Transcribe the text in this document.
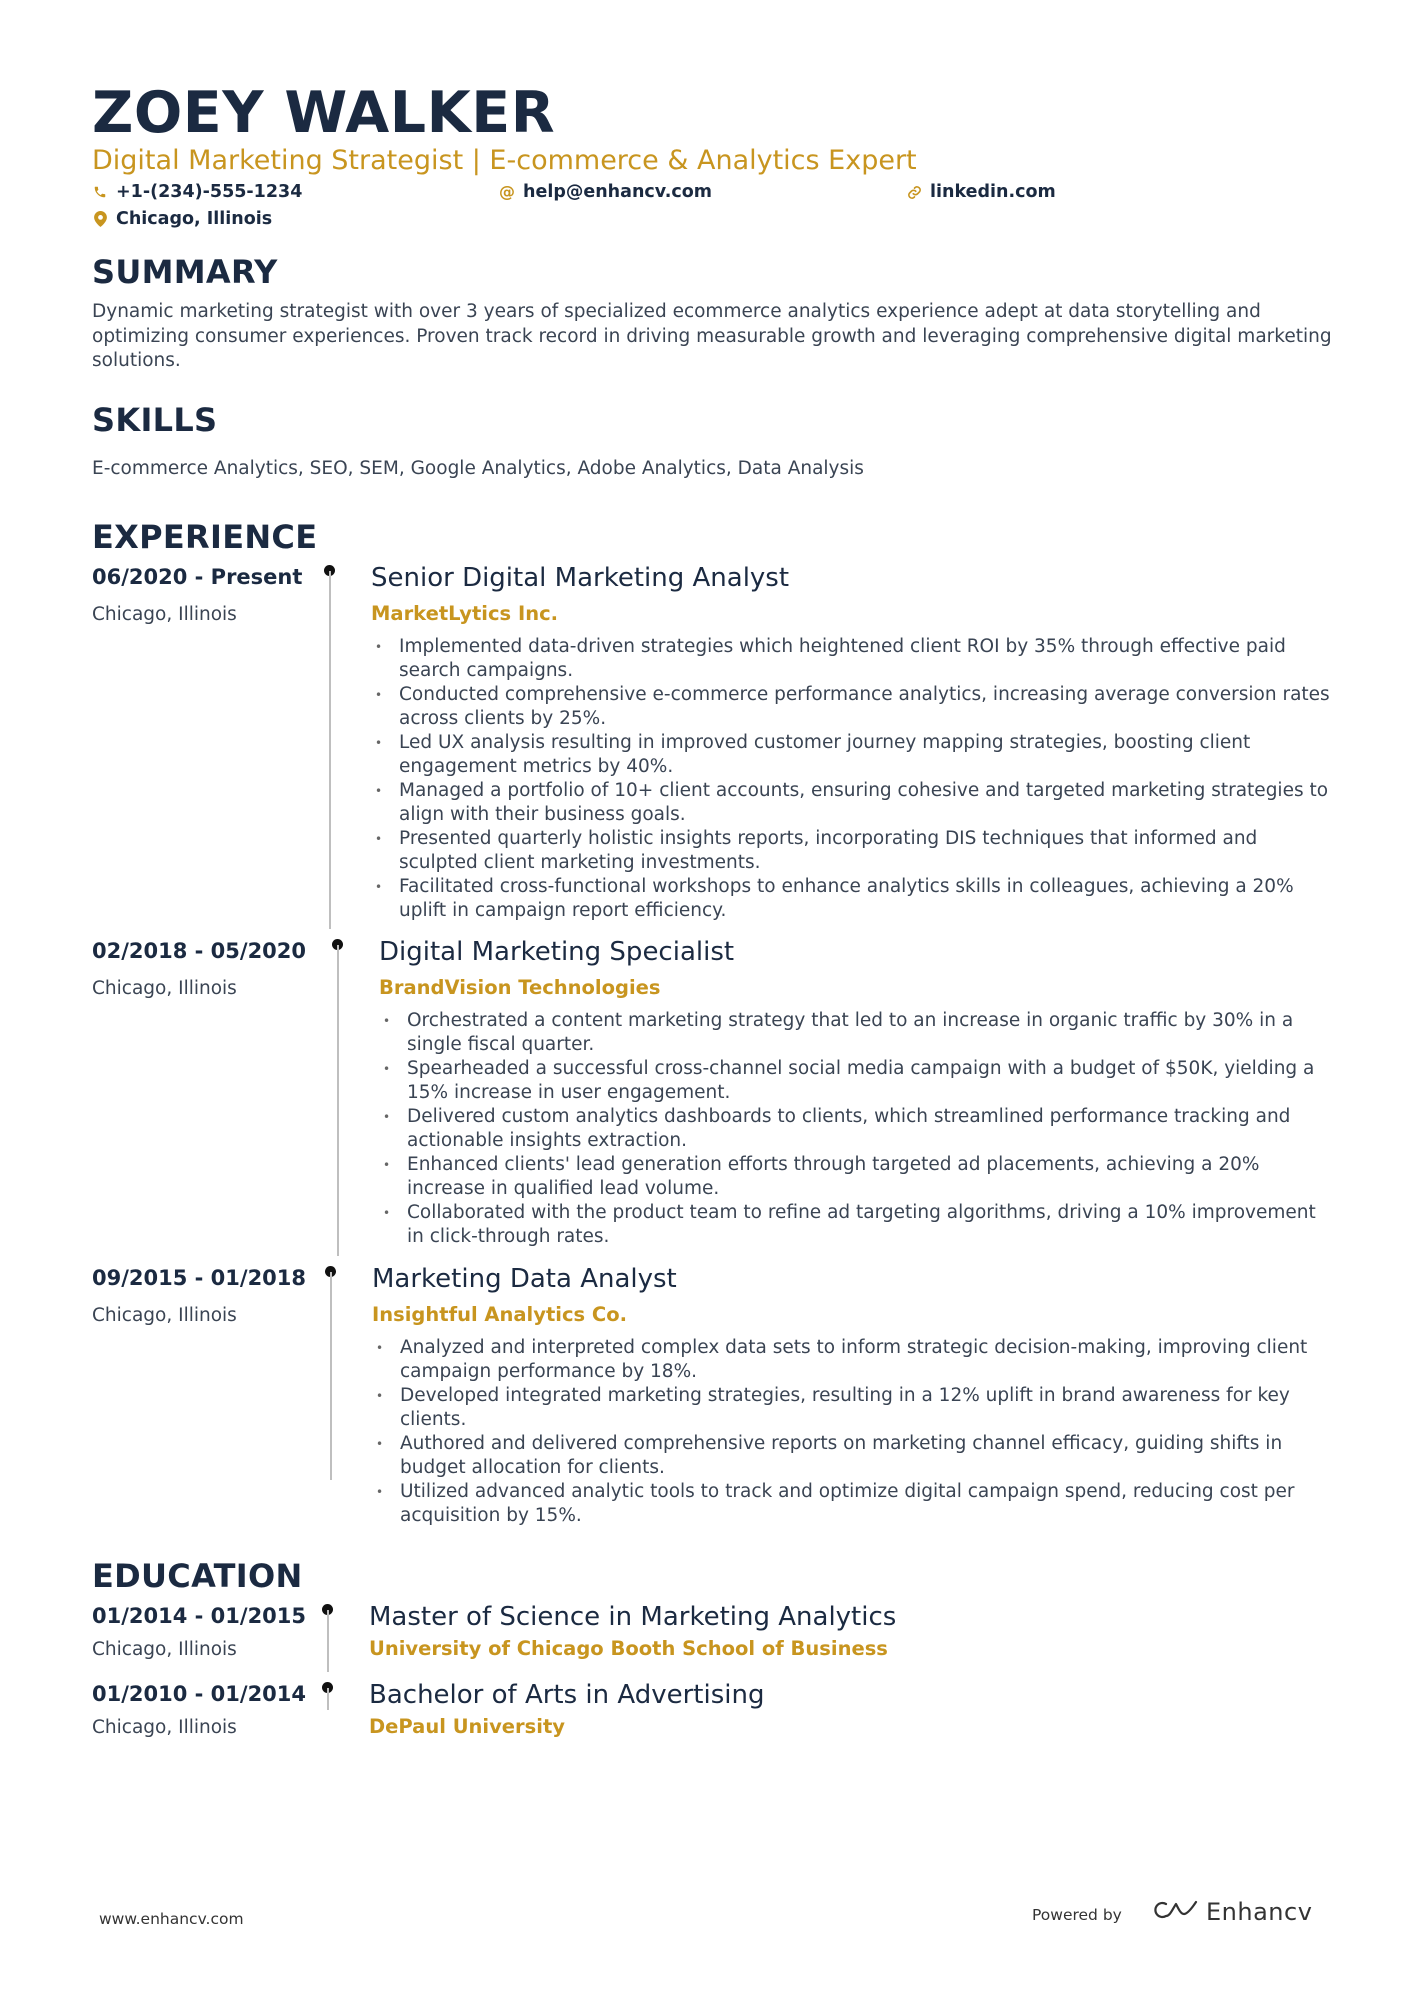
ZOEY WALKER
Digital Marketing Strategist | E-commerce & Analytics Expert
+1-(234)-555-1234	@ help@enhancv.com	linkedin.com
Chicago, Illinois
SUMMARY
Dynamic marketing strategist with over 3 years of specialized ecommerce analytics experience adept at data storytelling and optimizing consumer experiences. Proven track record in driving measurable growth and leveraging comprehensive digital marketing solutions.
SKILLS
E-commerce Analytics, SEO, SEM, Google Analytics, Adobe Analytics, Data Analysis
EXPERIENCE
06/2020 - Present
Chicago, Illinois
Senior Digital Marketing Analyst
MarketLytics Inc.
• Implemented data-driven strategies which heightened client ROI by 35% through effective paid search campaigns.
• Conducted comprehensive e-commerce performance analytics, increasing average conversion rates across clients by 25%.
• Led UX analysis resulting in improved customer journey mapping strategies, boosting client engagement metrics by 40%.
• Managed a portfolio of 10+ client accounts, ensuring cohesive and targeted marketing strategies to align with their business goals.
• Presented quarterly holistic insights reports, incorporating DIS techniques that informed and sculpted client marketing investments.
• Facilitated cross-functional workshops to enhance analytics skills in colleagues, achieving a 20% uplift in campaign report efficiency.
02/2018 - 05/2020
Chicago, Illinois
Digital Marketing Specialist
BrandVision Technologies
• Orchestrated a content marketing strategy that led to an increase in organic traffic by 30% in a single fiscal quarter.
• Spearheaded a successful cross-channel social media campaign with a budget of $50K, yielding a 15% increase in user engagement.
• Delivered custom analytics dashboards to clients, which streamlined performance tracking and actionable insights extraction.
• Enhanced clients' lead generation efforts through targeted ad placements, achieving a 20% increase in qualified lead volume.
• Collaborated with the product team to refine ad targeting algorithms, driving a 10% improvement in click-through rates.
09/2015 - 01/2018
Chicago, Illinois
Marketing Data Analyst
Insightful Analytics Co.
• Analyzed and interpreted complex data sets to inform strategic decision-making, improving client campaign performance by 18%.
• Developed integrated marketing strategies, resulting in a 12% uplift in brand awareness for key clients.
• Authored and delivered comprehensive reports on marketing channel efficacy, guiding shifts in budget allocation for clients.
• Utilized advanced analytic tools to track and optimize digital campaign spend, reducing cost per acquisition by 15%.
EDUCATION
01/2014 - 01/2015
Chicago, Illinois
Master of Science in Marketing Analytics
University of Chicago Booth School of Business
01/2010 - 01/2014
Chicago, Illinois
Bachelor of Arts in Advertising
DePaul University
www.enhancv.com	Powered by	Enhancv
